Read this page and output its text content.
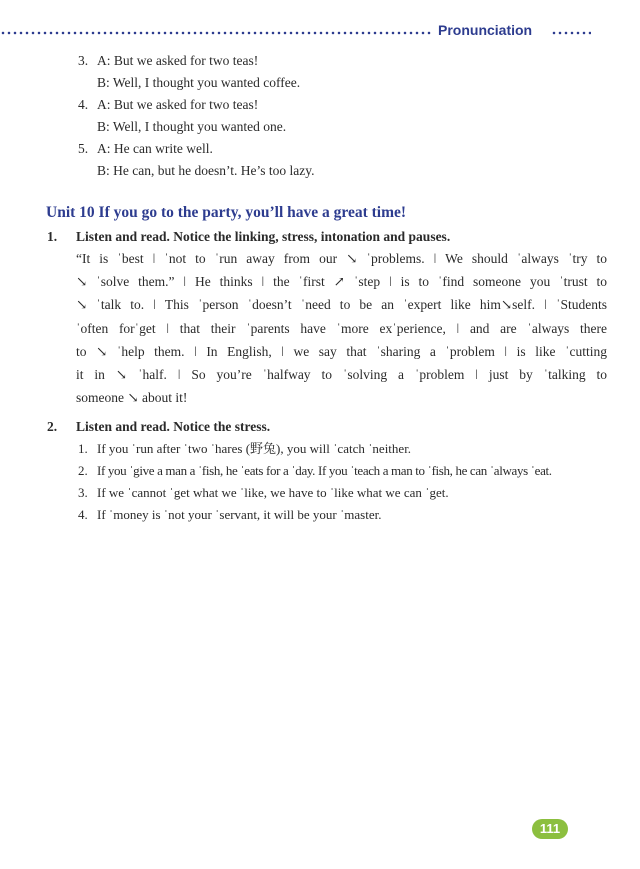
Pronunciation
3. A: But we asked for two teas!
B: Well, I thought you wanted coffee.
4. A: But we asked for two teas!
B: Well, I thought you wanted one.
5. A: He can write well.
B: He can, but he doesn’t. He’s too lazy.
Unit 10 If you go to the party, you’ll have a great time!
1. Listen and read. Notice the linking, stress, intonation and pauses.
“It is ˈbest ǀ ˈnot to ˈrun away from our ↘ ˈproblems. ǀ We should ˈalways ˈtry to
↘ ˈsolve them.” ǀ He thinks ǀ the ˈfirst ↗ ˈstep ǀ is to ˈfind someone you ˈtrust to
↘ ˈtalk to. ǀ This ˈperson ˈdoesn’t ˈneed to be an ˈexpert like him↘self. ǀ ˈStudents
ˈoften forˈget ǀ that their ˈparents have ˈmore exˈperience, ǀ and are ˈalways there
to ↘ ˈhelp them. ǀ In English, ǀ we say that ˈsharing a ˈproblem ǀ is like ˈcutting
it in ↘ ˈhalf. ǀ So you’re ˈhalfway to ˈsolving a ˈproblem ǀ just by ˈtalking to
someone ↘ about it!
2. Listen and read. Notice the stress.
1. If you ˈrun after ˈtwo ˈhares (野兔), you will ˈcatch ˈneither.
2. If you ˈgive a man a ˈfish, he ˈeats for a ˈday. If you ˈteach a man to ˈfish, he can ˈalways ˈeat.
3. If we ˈcannot ˈget what we ˈlike, we have to ˈlike what we can ˈget.
4. If ˈmoney is ˈnot your ˈservant, it will be your ˈmaster.
111
